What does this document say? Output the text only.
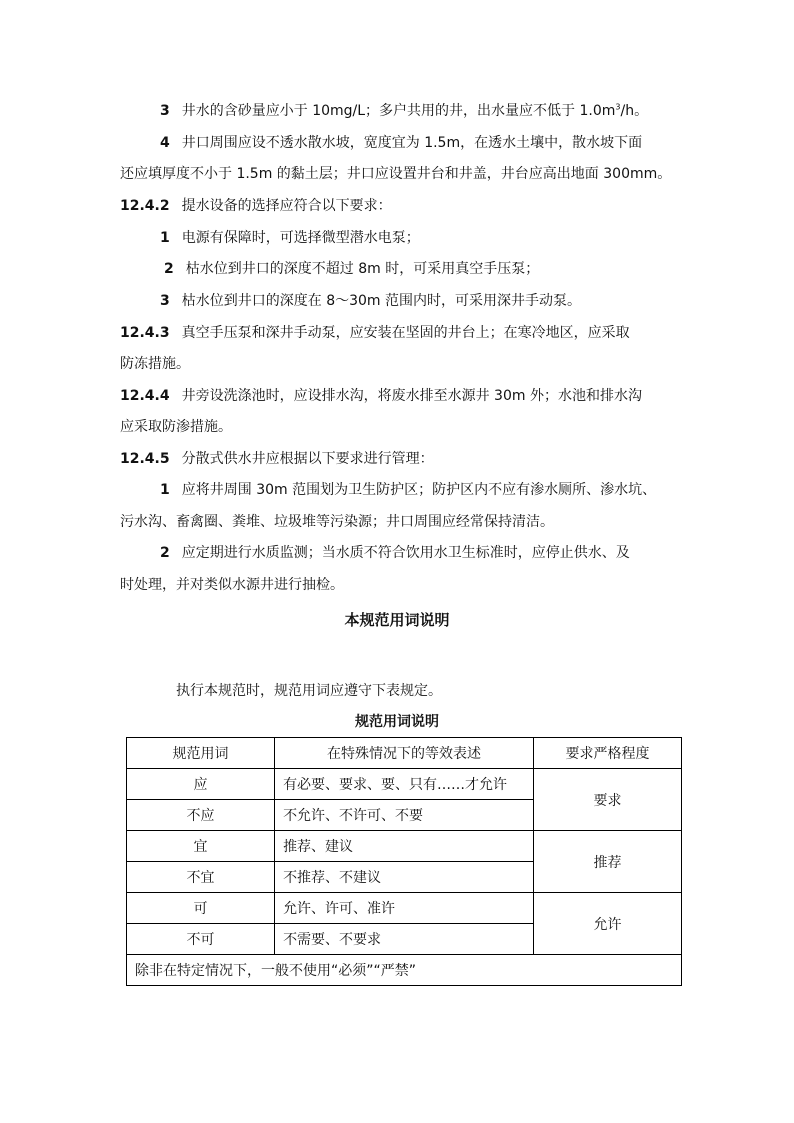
3 井水的含砂量应小于 10mg/L；多户共用的井，出水量应不低于 $1.0m^3/h$。
4 井口周围应设不透水散水坡，宽度宜为 1.5m，在透水土壤中，散水坡下面
还应填厚度不小于 1.5m 的黏土层；井口应设置井台和井盖，井台应高出地面 300mm。
12.4.2 提水设备的选择应符合以下要求：
1 电源有保障时，可选择微型潜水电泵；
2 枯水位到井口的深度不超过 8m 时，可采用真空手压泵；
3 枯水位到井口的深度在 8～30m 范围内时，可采用深井手动泵。
12.4.3 真空手压泵和深井手动泵，应安装在坚固的井台上；在寒冷地区，应采取
防冻措施。
12.4.4 井旁设洗涤池时，应设排水沟，将废水排至水源井 30m 外；水池和排水沟
应采取防渗措施。
12.4.5 分散式供水井应根据以下要求进行管理：
1 应将井周围 30m 范围划为卫生防护区；防护区内不应有渗水厕所、渗水坑、
污水沟、畜禽圈、粪堆、垃圾堆等污染源；井口周围应经常保持清洁。
2 应定期进行水质监测；当水质不符合饮用水卫生标准时，应停止供水、及
时处理，并对类似水源井进行抽检。
本规范用词说明
执行本规范时，规范用词应遵守下表规定。
规范用词说明
规范用词	在特殊情况下的等效表述	要求严格程度
应	有必要、要求、要、只有……才允许	要求
不应	不允许、不许可、不要	
宜	推荐、建议	推荐
不宜	不推荐、不建议	
可	允许、许可、准许	允许
不可	不需要、不要求	
除非在特定情况下，一般不使用“必须”“严禁”		
